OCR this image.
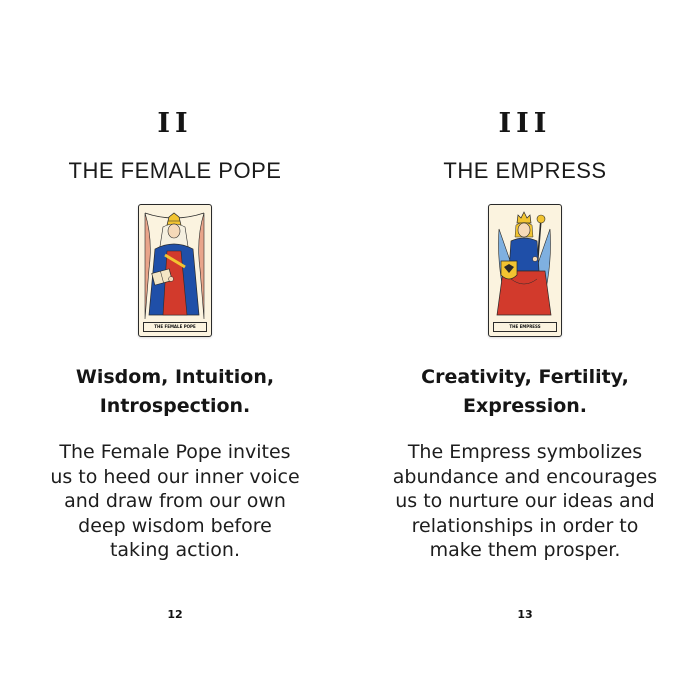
II
THE FEMALE POPE
THE FEMALE POPE
Wisdom, Intuition,
Introspection.
The Female Pope invites
us to heed our inner voice
and draw from our own
deep wisdom before
taking action.
12
III
THE EMPRESS
THE EMPRESS
Creativity, Fertility,
Expression.
The Empress symbolizes
abundance and encourages
us to nurture our ideas and
relationships in order to
make them prosper.
13
